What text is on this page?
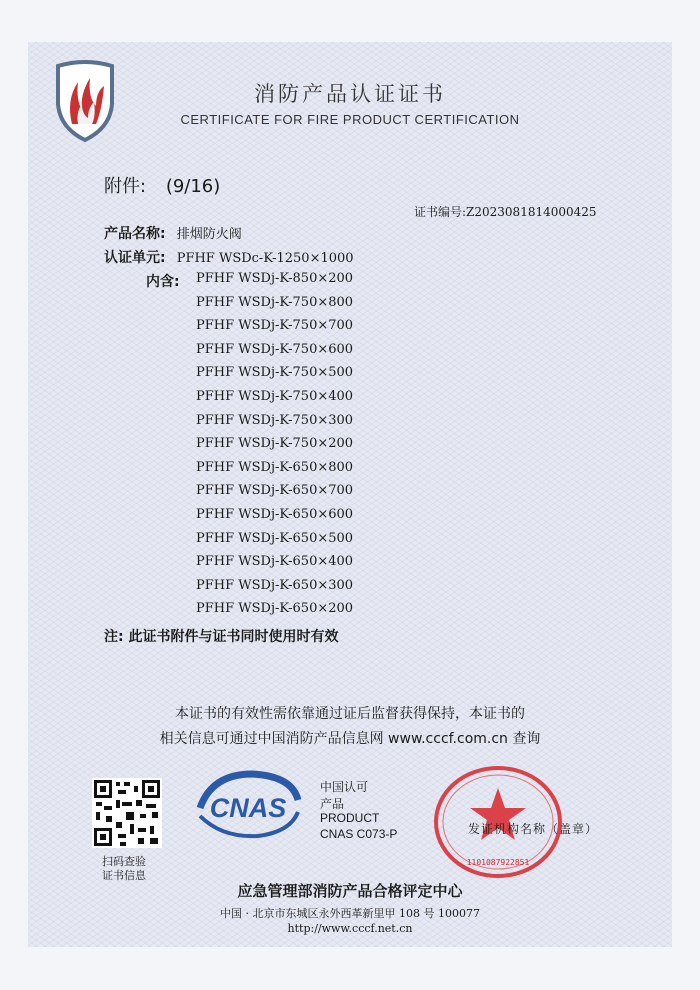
消防产品认证证书
CERTIFICATE FOR FIRE PRODUCT CERTIFICATION
附件: (9/16)
证书编号:Z2023081814000425
产品名称: 排烟防火阀
认证单元: PFHF WSDc-K-1250×1000
内含: PFHF WSDj-K-850×200
PFHF WSDj-K-750×800
PFHF WSDj-K-750×700
PFHF WSDj-K-750×600
PFHF WSDj-K-750×500
PFHF WSDj-K-750×400
PFHF WSDj-K-750×300
PFHF WSDj-K-750×200
PFHF WSDj-K-650×800
PFHF WSDj-K-650×700
PFHF WSDj-K-650×600
PFHF WSDj-K-650×500
PFHF WSDj-K-650×400
PFHF WSDj-K-650×300
PFHF WSDj-K-650×200
注: 此证书附件与证书同时使用时有效
本证书的有效性需依靠通过证后监督获得保持，本证书的
相关信息可通过中国消防产品信息网 www.cccf.com.cn 查询
扫码查验
证书信息
CNAS
中国认可
产品
PRODUCT
CNAS C073-P
1101087922851
发证机构名称（盖章）
应急管理部消防产品合格评定中心
中国 · 北京市东城区永外西革新里甲 108 号 100077
http://www.cccf.net.cn
